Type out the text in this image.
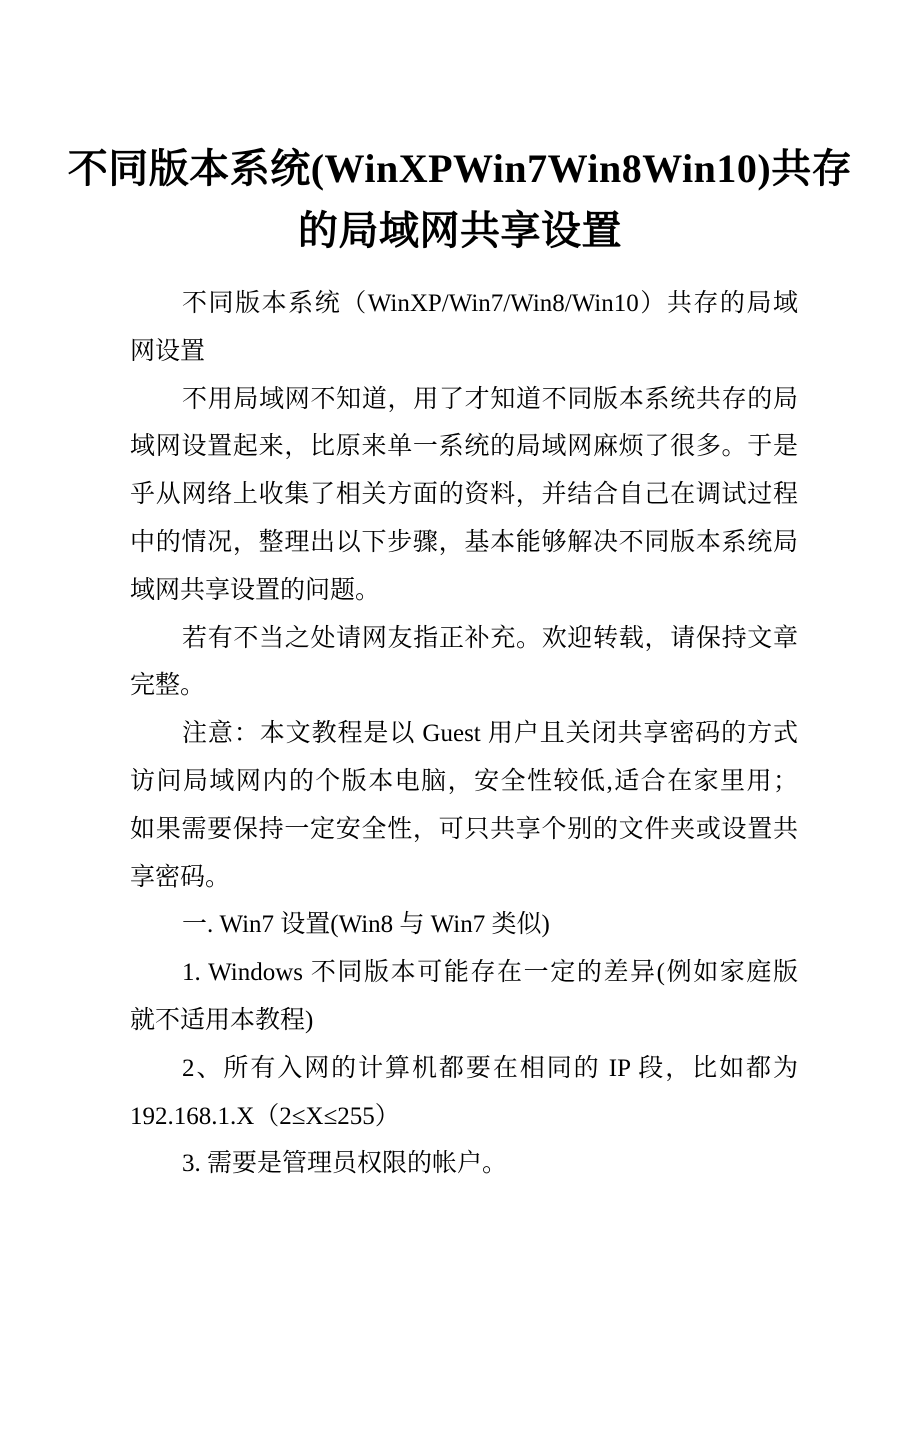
不同版本系统(WinXPWin7Win8Win10)共存
的局域网共享设置
不同版本系统（WinXP/Win7/Win8/Win10）共存的局域
网设置
不用局域网不知道，用了才知道不同版本系统共存的局
域网设置起来，比原来单一系统的局域网麻烦了很多。于是
乎从网络上收集了相关方面的资料，并结合自己在调试过程
中的情况，整理出以下步骤，基本能够解决不同版本系统局
域网共享设置的问题。
若有不当之处请网友指正补充。欢迎转载，请保持文章
完整。
注意：本文教程是以 Guest 用户且关闭共享密码的方式
访问局域网内的个版本电脑，安全性较低,适合在家里用；
如果需要保持一定安全性，可只共享个别的文件夹或设置共
享密码。
一. Win7 设置(Win8 与 Win7 类似)
1. Windows 不同版本可能存在一定的差异(例如家庭版
就不适用本教程)
2、所有入网的计算机都要在相同的 IP 段，比如都为
192.168.1.X（2≤X≤255）
3. 需要是管理员权限的帐户。
